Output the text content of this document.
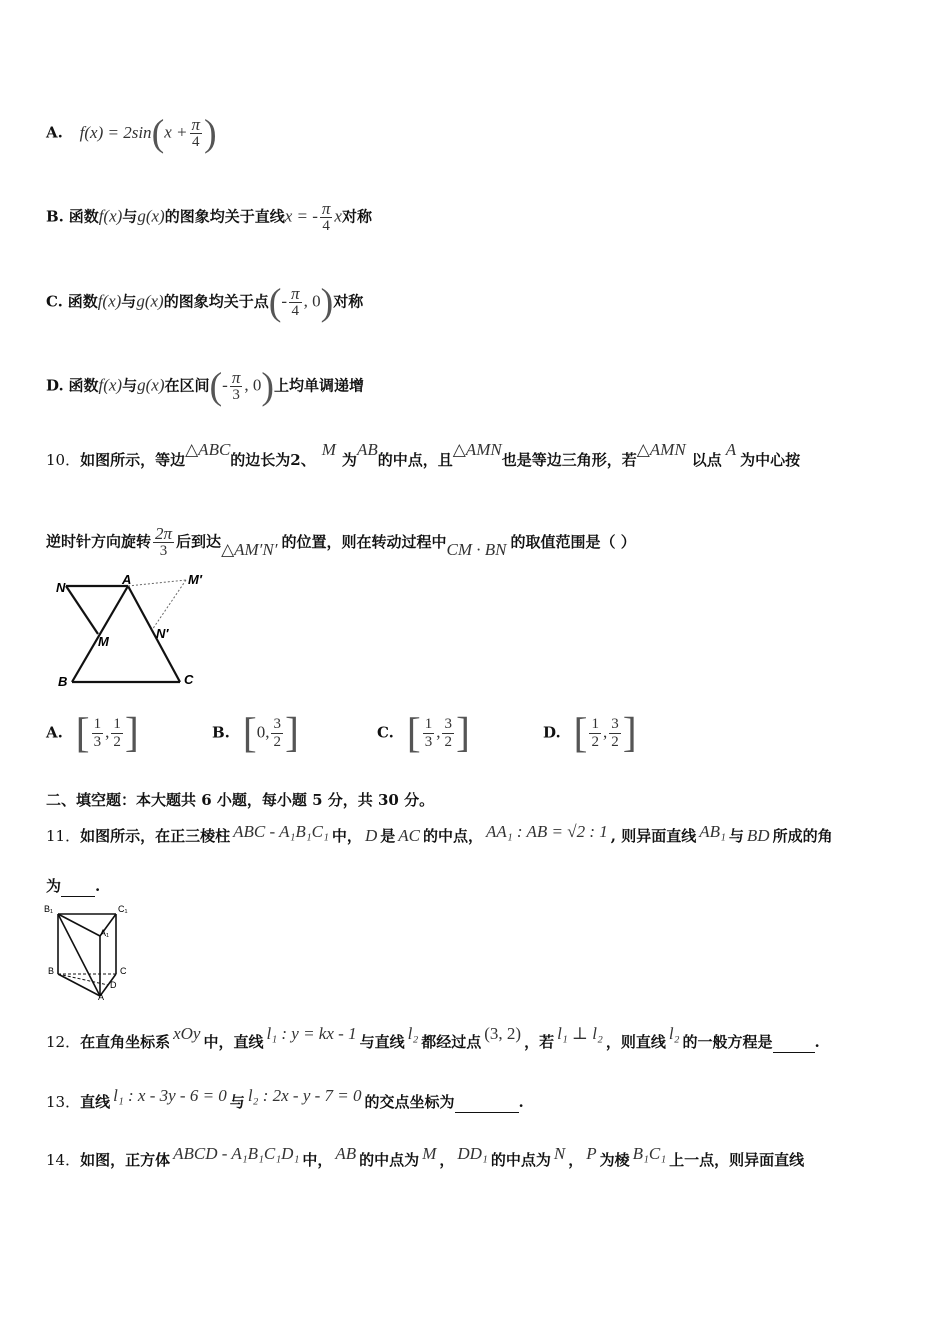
A. $f(x) = 2\sin(x + \frac{\pi}{4}$ )
B. 函数f(x)与g(x)的图象均关于直线x = - $\frac{\pi}{4}$ x对称
C. 函数f(x)与g(x)的图象均关于点(- $\frac{\pi}{4}$ , 0)对称
D. 函数f(x)与g(x)在区间(- $\frac{\pi}{3}$ , 0)上均单调递增
10．如图所示，等边△ABC的边长为2、M为AB的中点，且△AMN也是等边三角形，若△AMN以点A为中心按
逆时针方向旋转 $\frac{2\pi}{3}$ 后到达△AM′N′ 的位置，则在转动过程中CM · BN 的取值范围是（ ）
N
A	M′
M
N′
B	C
A. [ $\frac{1}{3}$ , $\frac{1}{2}$ ]	B. [0, $\frac{3}{2}$ ]	C. [ $\frac{1}{3}$ , $\frac{3}{2}$ ]	D. [ $\frac{1}{2}$ , $\frac{3}{2}$ ]
二、填空题：本大题共 6 小题，每小题 5 分，共 30 分。
11．如图所示，在正三棱柱 ABC - A₁B₁C₁ 中， D 是 AC 的中点， AA₁ : AB = √2 : 1 , 则异面直线 AB₁ 与 BD 所成的角
为 .
B₁	C₁
A₁
B	C
D
A
12．在直角坐标系 xOy 中，直线 l₁ : y = kx - 1 与直线 l₂ 都经过点 (3, 2) ，若 l₁ ⊥ l₂ ，则直线 l₂ 的一般方程是	.
13．直线 l₁ : x - 3y - 6 = 0 与 l₂ : 2x - y - 7 = 0 的交点坐标为	.
14．如图，正方体 ABCD - A₁B₁C₁D₁ 中， AB 的中点为 M ， DD₁ 的中点为 N ， P 为棱 B₁C₁ 上一点，则异面直线
